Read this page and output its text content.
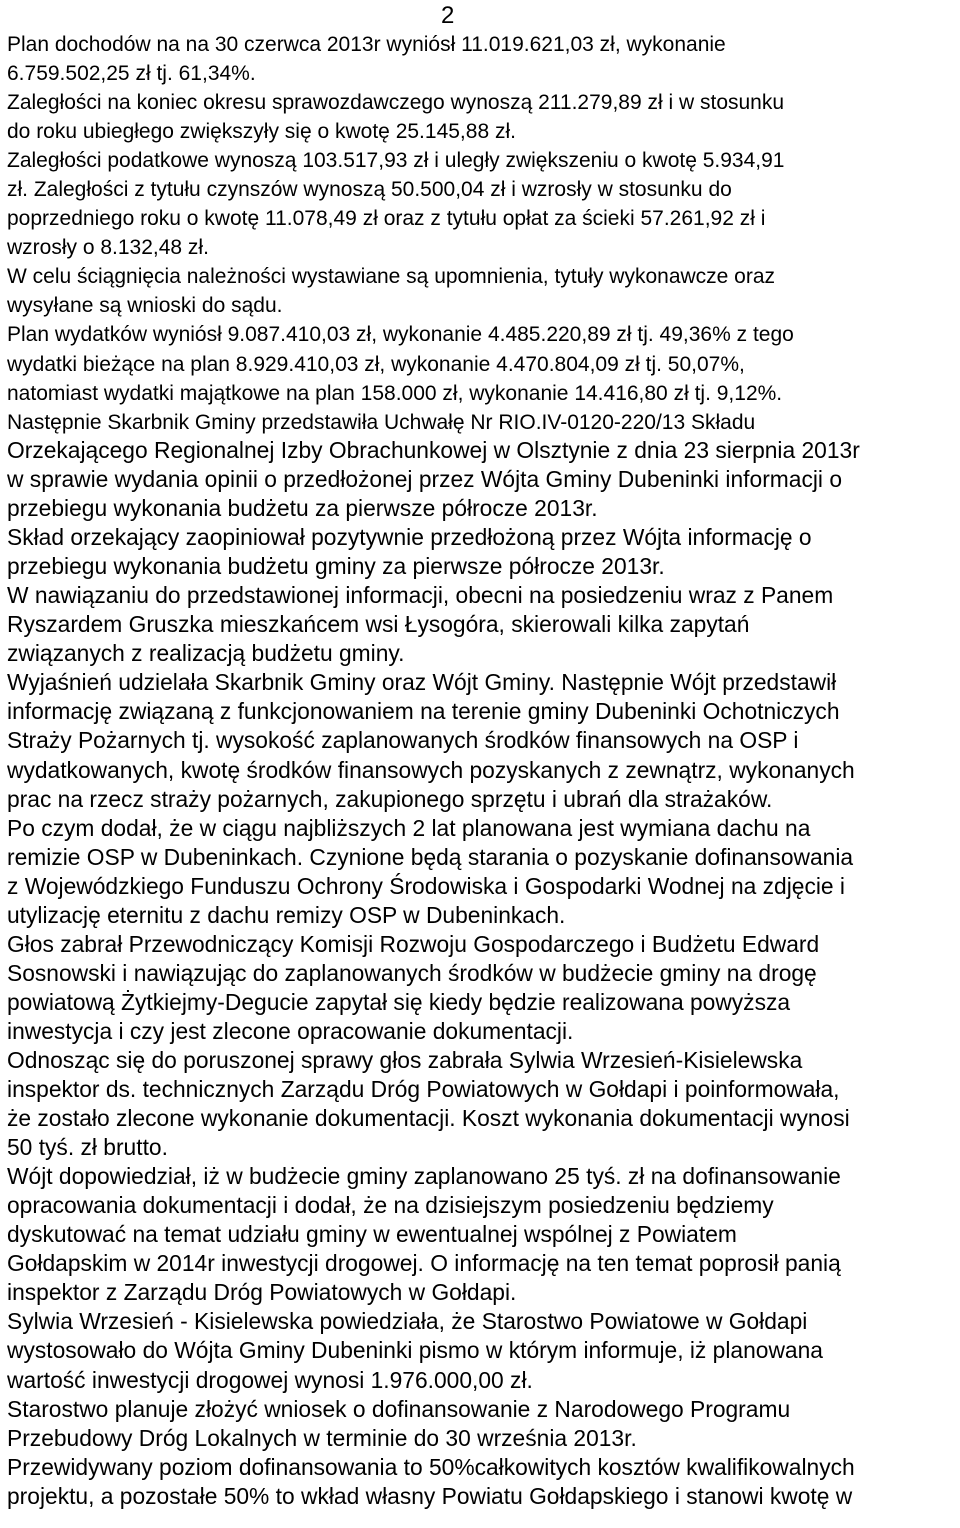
2

Plan dochodów na na 30 czerwca 2013r wyniósł 11.019.621,03 zł, wykonanie

6.759.502,25 zł tj. 61,34%.

Zaległości na koniec okresu sprawozdawczego wynoszą 211.279,89 zł i w stosunku

do roku ubiegłego zwiększyły się o kwotę 25.145,88 zł.

Zaległości podatkowe wynoszą 103.517,93 zł i uległy zwiększeniu o kwotę 5.934,91

zł. Zaległości z tytułu czynszów wynoszą 50.500,04 zł i wzrosły w stosunku do

poprzedniego roku o kwotę 11.078,49 zł oraz z tytułu opłat za ścieki 57.261,92 zł i

wzrosły o 8.132,48 zł.

W celu ściągnięcia należności wystawiane są upomnienia, tytuły wykonawcze oraz

wysyłane są wnioski do sądu.

Plan wydatków wyniósł 9.087.410,03 zł, wykonanie 4.485.220,89 zł tj. 49,36% z tego

wydatki bieżące na plan 8.929.410,03 zł, wykonanie 4.470.804,09 zł tj. 50,07%,

natomiast wydatki majątkowe na plan 158.000 zł, wykonanie 14.416,80 zł tj. 9,12%.

Następnie Skarbnik Gminy przedstawiła Uchwałę Nr RIO.IV-0120-220/13 Składu

Orzekającego Regionalnej Izby Obrachunkowej w Olsztynie z dnia 23 sierpnia 2013r

w sprawie wydania opinii o przedłożonej przez Wójta Gminy Dubeninki informacji o

przebiegu wykonania budżetu za pierwsze półrocze 2013r.

Skład orzekający zaopiniował pozytywnie przedłożoną przez Wójta informację o

przebiegu wykonania budżetu gminy za pierwsze półrocze 2013r.

W nawiązaniu do przedstawionej informacji, obecni na posiedzeniu wraz z Panem

Ryszardem Gruszka mieszkańcem wsi Łysogóra, skierowali kilka zapytań

związanych z realizacją budżetu gminy.

Wyjaśnień udzielała Skarbnik Gminy oraz Wójt Gminy. Następnie Wójt przedstawił

informację związaną z funkcjonowaniem na terenie gminy Dubeninki Ochotniczych

Straży Pożarnych tj. wysokość zaplanowanych środków finansowych na OSP i

wydatkowanych, kwotę środków finansowych pozyskanych z zewnątrz, wykonanych

prac na rzecz straży pożarnych, zakupionego sprzętu i ubrań dla strażaków.

Po czym dodał, że w ciągu najbliższych 2 lat planowana jest wymiana dachu na

remizie OSP w Dubeninkach. Czynione będą starania o pozyskanie dofinansowania

z Wojewódzkiego Funduszu Ochrony Środowiska i Gospodarki Wodnej na zdjęcie i

utylizację eternitu z dachu remizy OSP w Dubeninkach.

Głos zabrał Przewodniczący Komisji Rozwoju Gospodarczego i Budżetu Edward

Sosnowski i nawiązując do zaplanowanych środków w budżecie gminy na drogę

powiatową Żytkiejmy-Degucie zapytał się kiedy będzie realizowana powyższa

inwestycja i czy jest zlecone opracowanie dokumentacji.

Odnosząc się do poruszonej sprawy głos zabrała Sylwia Wrzesień-Kisielewska

inspektor ds. technicznych Zarządu Dróg Powiatowych w Gołdapi i poinformowała,

że zostało zlecone wykonanie dokumentacji. Koszt wykonania dokumentacji wynosi

50 tyś. zł brutto.

Wójt dopowiedział, iż w budżecie gminy zaplanowano 25 tyś. zł na dofinansowanie

opracowania dokumentacji i dodał, że na dzisiejszym posiedzeniu będziemy

dyskutować na temat udziału gminy w ewentualnej wspólnej z Powiatem

Gołdapskim w 2014r inwestycji drogowej. O informację na ten temat poprosił panią

inspektor z Zarządu Dróg Powiatowych w Gołdapi.

Sylwia Wrzesień - Kisielewska powiedziała, że Starostwo Powiatowe w Gołdapi

wystosowało do Wójta Gminy Dubeninki pismo w którym informuje, iż planowana

wartość inwestycji drogowej wynosi 1.976.000,00 zł.

Starostwo planuje złożyć wniosek o dofinansowanie z Narodowego Programu

Przebudowy Dróg Lokalnych w terminie do 30 września 2013r.

Przewidywany poziom dofinansowania to 50%całkowitych kosztów kwalifikowalnych

projektu, a pozostałe 50% to wkład własny Powiatu Gołdapskiego i stanowi kwotę w
